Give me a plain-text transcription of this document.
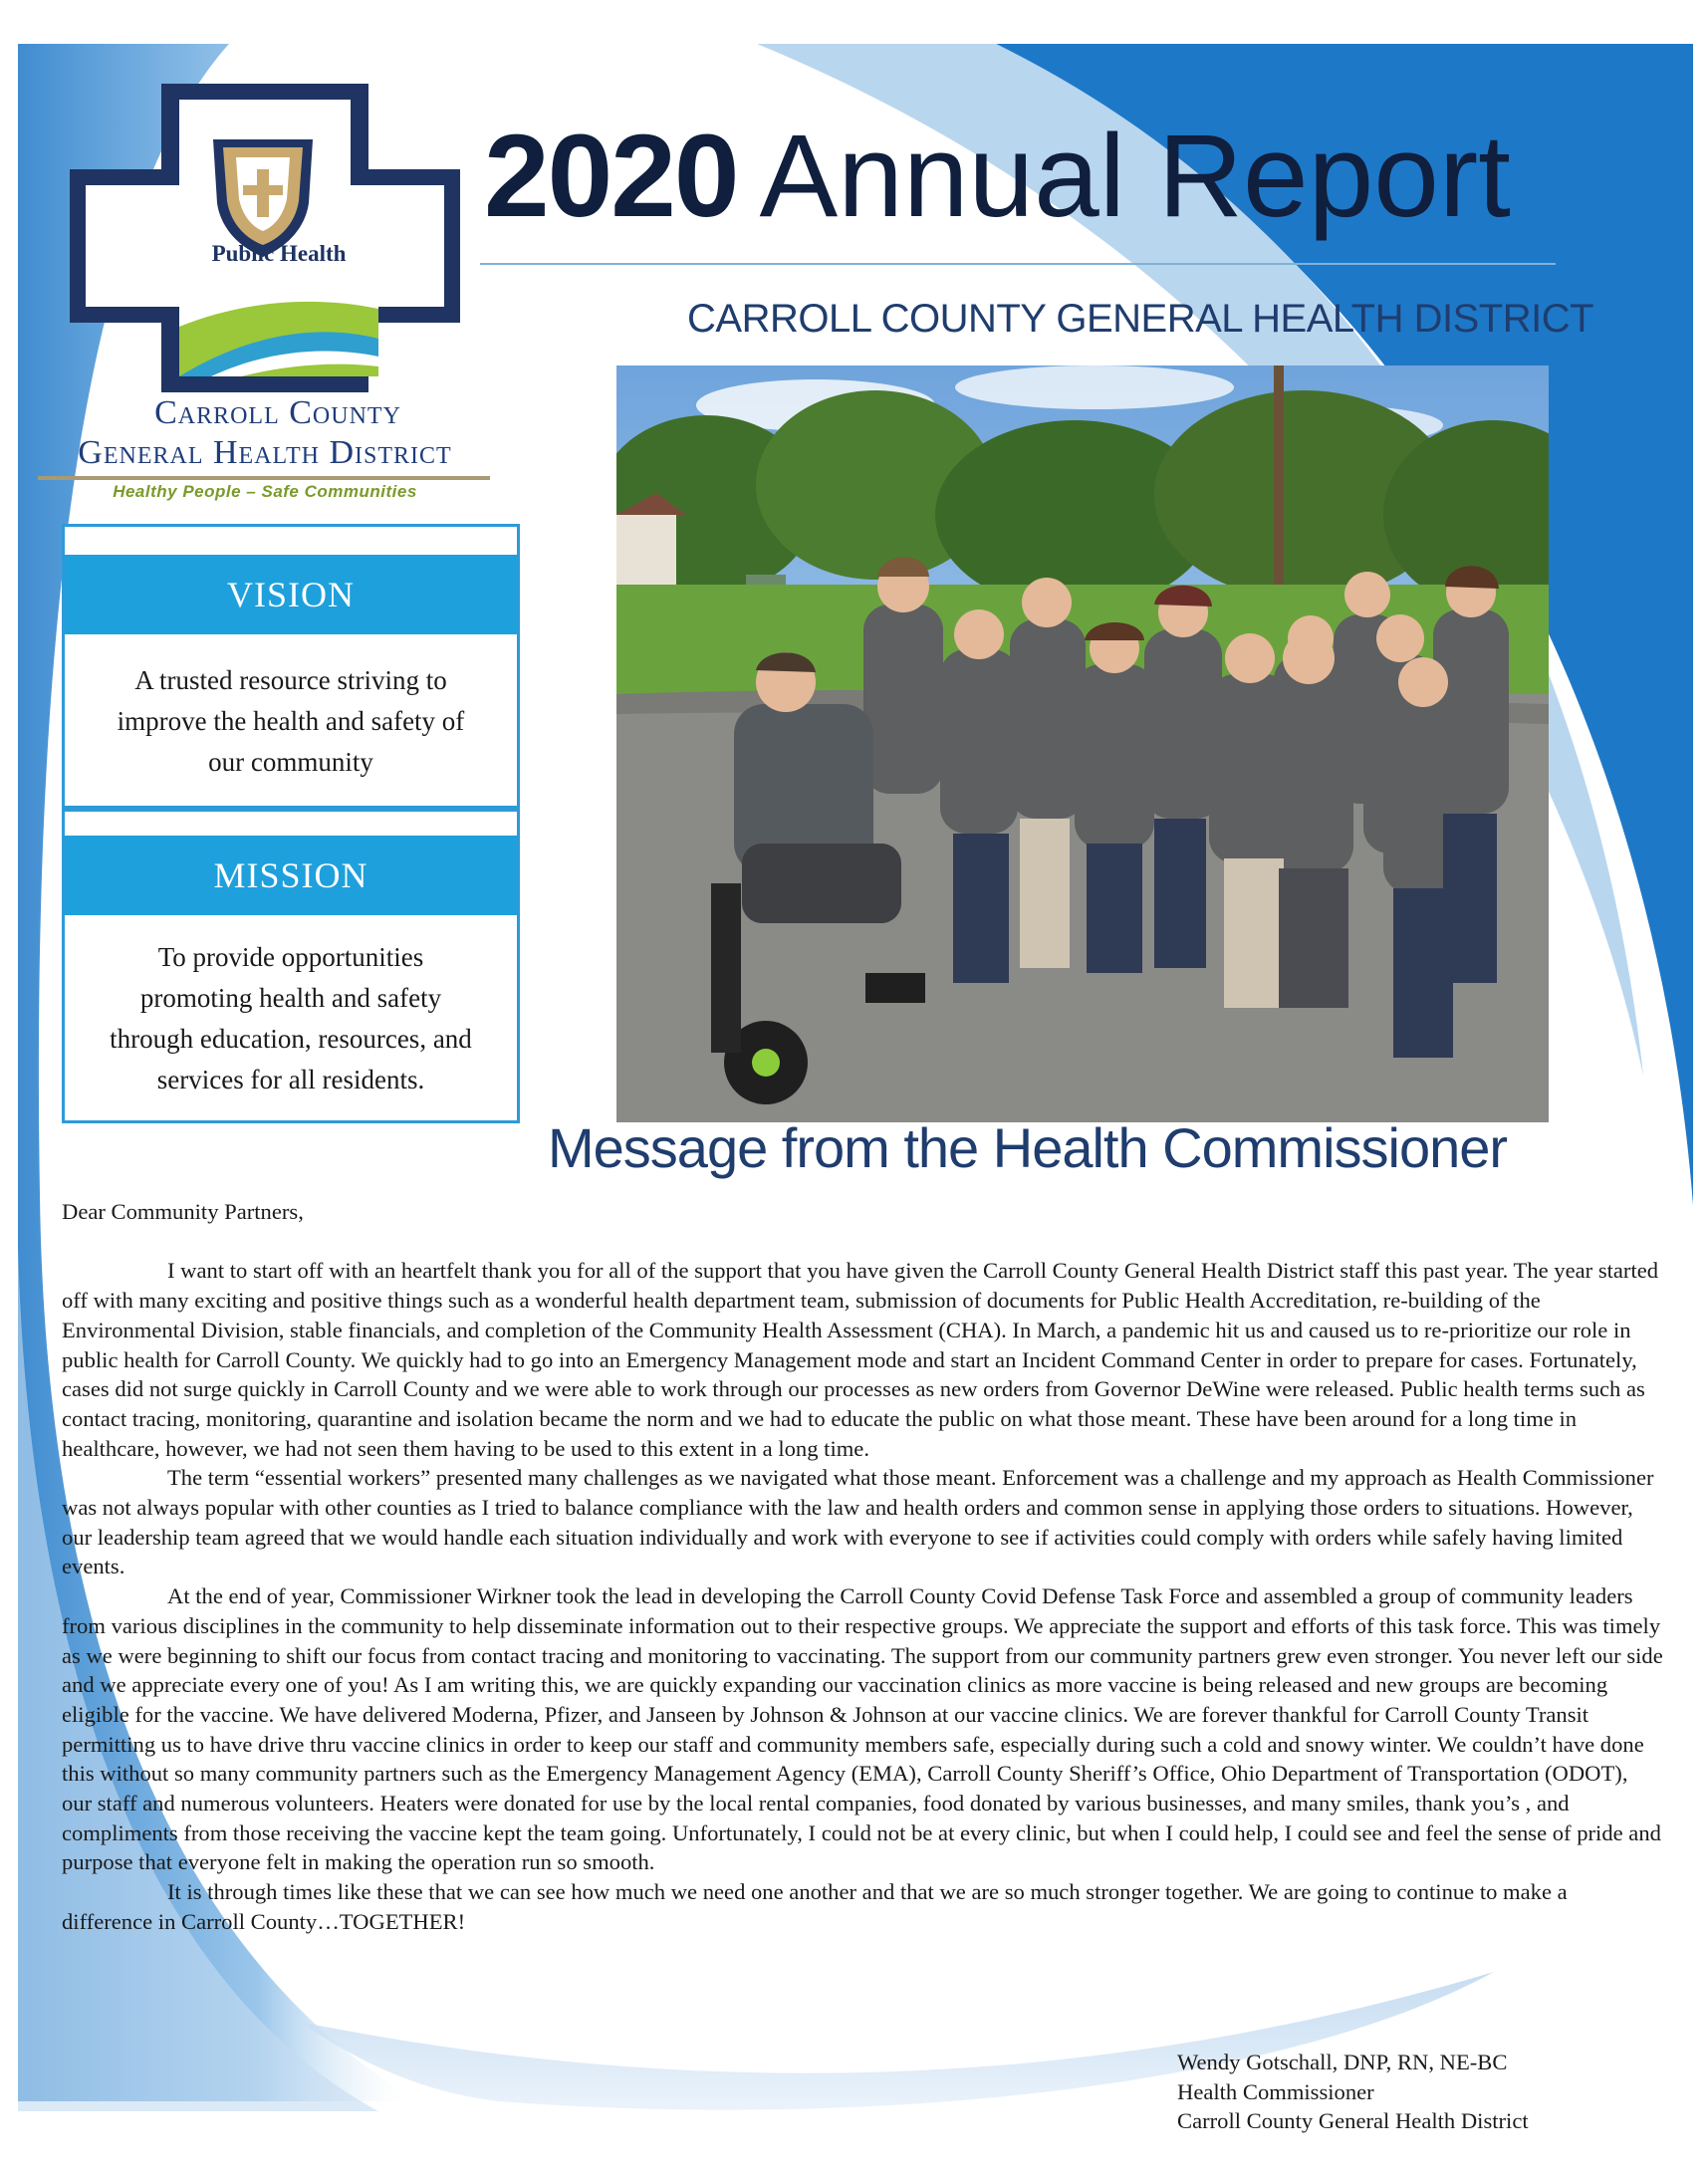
Public Health
Carroll County
General Health District
Healthy People – Safe Communities
2020 Annual Report
CARROLL COUNTY GENERAL HEALTH DISTRICT
VISION
A trusted resource striving to
improve the health and safety of
our community
MISSION
To provide opportunities
promoting health and safety
through education, resources, and
services for all residents.
Message from the Health Commissioner

Dear Community Partners,

I want to start off with an heartfelt thank you for all of the support that you have given the Carroll County General Health District staff this past year. The year started off with many exciting and positive things such as a wonderful health department team, submission of documents for Public Health Accreditation, re-building of the Environmental Division, stable financials, and completion of the Community Health Assessment (CHA). In March, a pandemic hit us and caused us to re-prioritize our role in public health for Carroll County. We quickly had to go into an Emergency Management mode and start an Incident Command Center in order to prepare for cases. Fortunately, cases did not surge quickly in Carroll County and we were able to work through our processes as new orders from Governor DeWine were released. Public health terms such as contact tracing, monitoring, quarantine and isolation became the norm and we had to educate the public on what those meant. These have been around for a long time in healthcare, however, we had not seen them having to be used to this extent in a long time.

The term “essential workers” presented many challenges as we navigated what those meant. Enforcement was a challenge and my approach as Health Commissioner was not always popular with other counties as I tried to balance compliance with the law and health orders and common sense in applying those orders to situations. However, our leadership team agreed that we would handle each situation individually and work with everyone to see if activities could comply with orders while safely having limited events.

At the end of year, Commissioner Wirkner took the lead in developing the Carroll County Covid Defense Task Force and assembled a group of community leaders from various disciplines in the community to help disseminate information out to their respective groups. We appreciate the support and efforts of this task force. This was timely as we were beginning to shift our focus from contact tracing and monitoring to vaccinating. The support from our community partners grew even stronger. You never left our side and we appreciate every one of you! As I am writing this, we are quickly expanding our vaccination clinics as more vaccine is being released and new groups are becoming eligible for the vaccine. We have delivered Moderna, Pfizer, and Janseen by Johnson & Johnson at our vaccine clinics. We are forever thankful for Carroll County Transit permitting us to have drive thru vaccine clinics in order to keep our staff and community members safe, especially during such a cold and snowy winter. We couldn’t have done this without so many community partners such as the Emergency Management Agency (EMA), Carroll County Sheriff’s Office, Ohio Department of Transportation (ODOT), our staff and numerous volunteers. Heaters were donated for use by the local rental companies, food donated by various businesses, and many smiles, thank you’s , and compliments from those receiving the vaccine kept the team going. Unfortunately, I could not be at every clinic, but when I could help, I could see and feel the sense of pride and purpose that everyone felt in making the operation run so smooth.

It is through times like these that we can see how much we need one another and that we are so much stronger together. We are going to continue to make a difference in Carroll County…TOGETHER!

Wendy Gotschall, DNP, RN, NE-BC
Health Commissioner
Carroll County General Health District
